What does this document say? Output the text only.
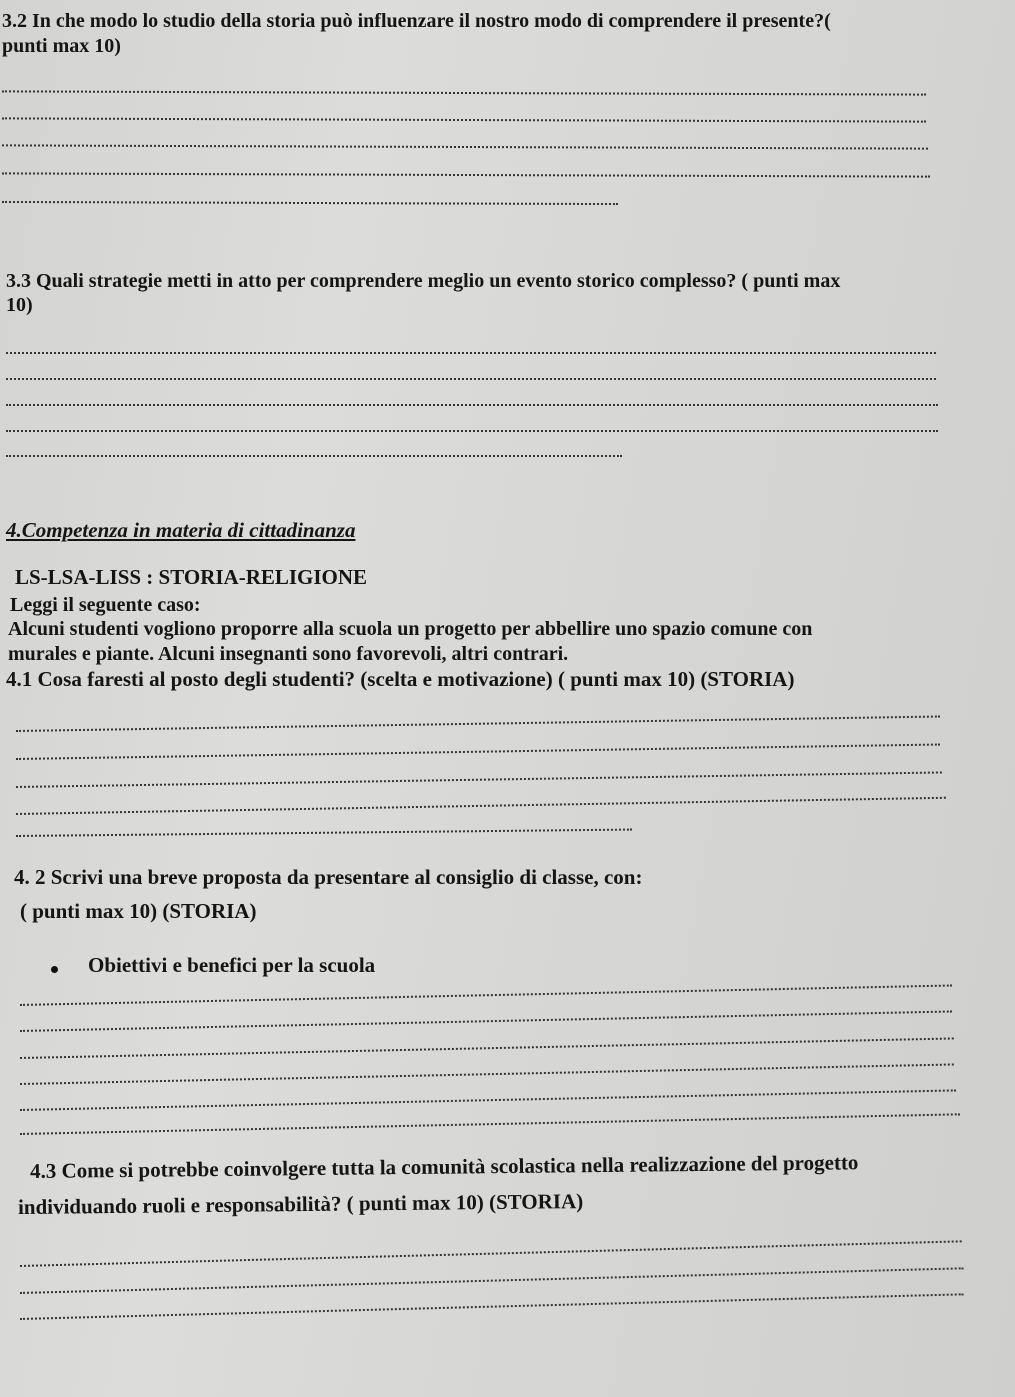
3.2 In che modo lo studio della storia può influenzare il nostro modo di comprendere il presente?(
punti max 10)
3.3 Quali strategie metti in atto per comprendere meglio un evento storico complesso? ( punti max
10)
4.Competenza in materia di cittadinanza
LS-LSA-LISS : STORIA-RELIGIONE
Leggi il seguente caso:
Alcuni studenti vogliono proporre alla scuola un progetto per abbellire uno spazio comune con
murales e piante. Alcuni insegnanti sono favorevoli, altri contrari.
4.1 Cosa faresti al posto degli studenti? (scelta e motivazione) ( punti max 10) (STORIA)
4. 2 Scrivi una breve proposta da presentare al consiglio di classe, con:
( punti max 10) (STORIA)
Obiettivi e benefici per la scuola
4.3 Come si potrebbe coinvolgere tutta la comunità scolastica nella realizzazione del progetto
individuando ruoli e responsabilità? ( punti max 10) (STORIA)
